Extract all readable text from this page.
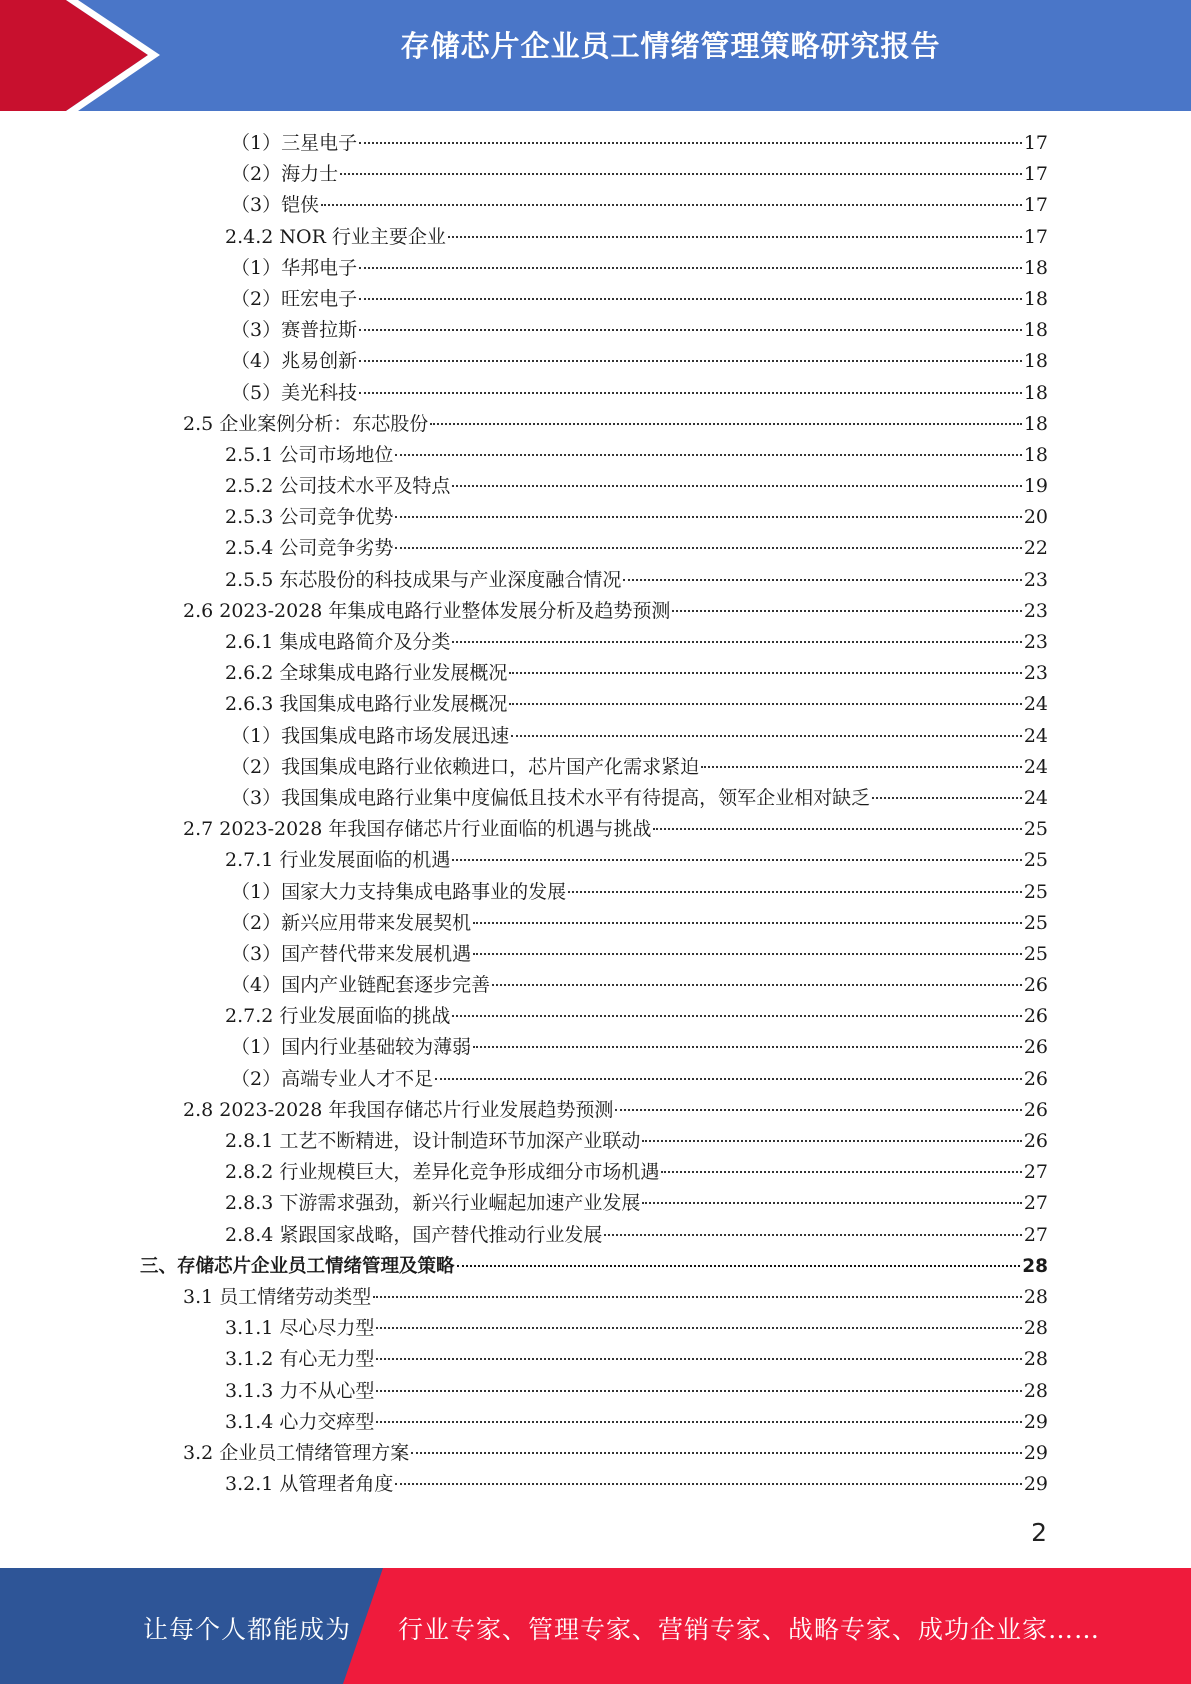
存储芯片企业员工情绪管理策略研究报告
（1）三星电子	17
（2）海力士	17
（3）铠侠	17
2.4.2 NOR 行业主要企业	17
（1）华邦电子	18
（2）旺宏电子	18
（3）赛普拉斯	18
（4）兆易创新	18
（5）美光科技	18
2.5 企业案例分析：东芯股份	18
2.5.1 公司市场地位	18
2.5.2 公司技术水平及特点	19
2.5.3 公司竞争优势	20
2.5.4 公司竞争劣势	22
2.5.5 东芯股份的科技成果与产业深度融合情况	23
2.6 2023-2028 年集成电路行业整体发展分析及趋势预测	23
2.6.1 集成电路简介及分类	23
2.6.2 全球集成电路行业发展概况	23
2.6.3 我国集成电路行业发展概况	24
（1）我国集成电路市场发展迅速	24
（2）我国集成电路行业依赖进口，芯片国产化需求紧迫	24
（3）我国集成电路行业集中度偏低且技术水平有待提高，领军企业相对缺乏	24
2.7 2023-2028 年我国存储芯片行业面临的机遇与挑战	25
2.7.1 行业发展面临的机遇	25
（1）国家大力支持集成电路事业的发展	25
（2）新兴应用带来发展契机	25
（3）国产替代带来发展机遇	25
（4）国内产业链配套逐步完善	26
2.7.2 行业发展面临的挑战	26
（1）国内行业基础较为薄弱	26
（2）高端专业人才不足	26
2.8 2023-2028 年我国存储芯片行业发展趋势预测	26
2.8.1 工艺不断精进，设计制造环节加深产业联动	26
2.8.2 行业规模巨大，差异化竞争形成细分市场机遇	27
2.8.3 下游需求强劲，新兴行业崛起加速产业发展	27
2.8.4 紧跟国家战略，国产替代推动行业发展	27
三、存储芯片企业员工情绪管理及策略	28
3.1 员工情绪劳动类型	28
3.1.1 尽心尽力型	28
3.1.2 有心无力型	28
3.1.3 力不从心型	28
3.1.4 心力交瘁型	29
3.2 企业员工情绪管理方案	29
3.2.1 从管理者角度	29
2
让每个人都能成为 行业专家、管理专家、营销专家、战略专家、成功企业家……
